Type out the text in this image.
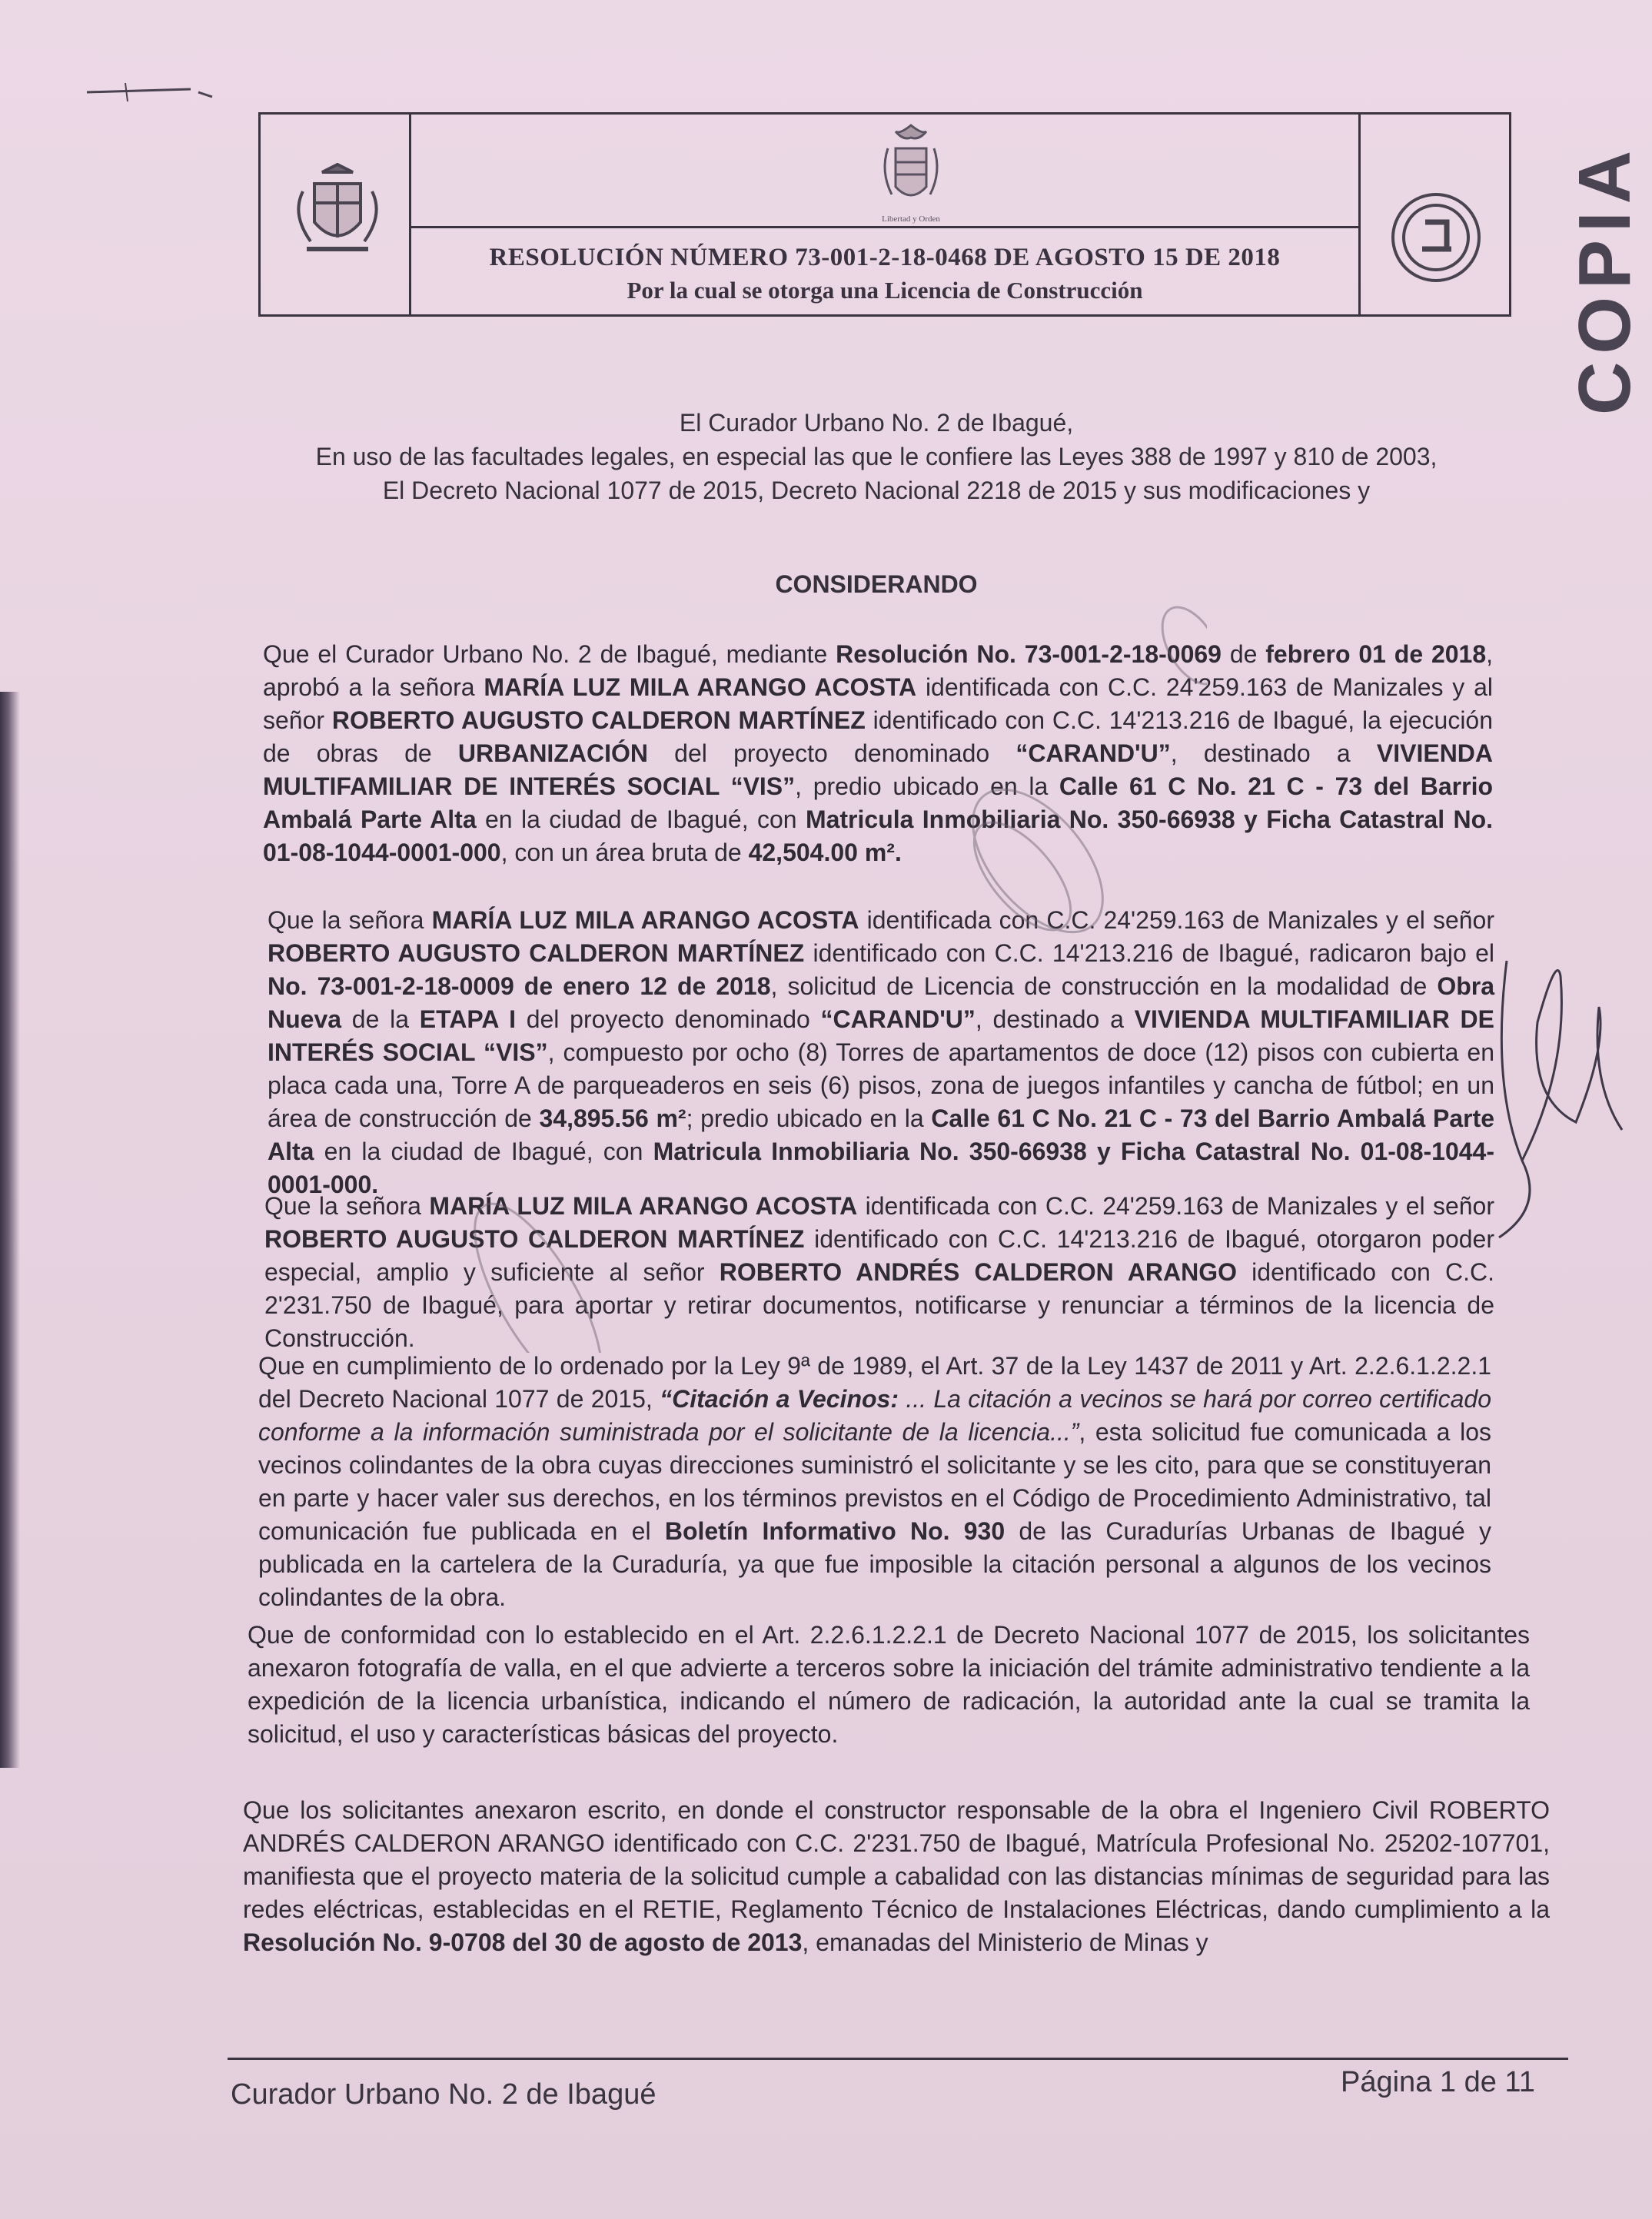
Libertad y Orden
RESOLUCIÓN NÚMERO 73-001-2-18-0468 DE AGOSTO 15 DE 2018
Por la cual se otorga una Licencia de Construcción
El Curador Urbano No. 2 de Ibagué,
En uso de las facultades legales, en especial las que le confiere las Leyes 388 de 1997 y 810 de 2003,
El Decreto Nacional 1077 de 2015, Decreto Nacional 2218 de 2015 y sus modificaciones y
CONSIDERANDO
Que el Curador Urbano No. 2 de Ibagué, mediante Resolución No. 73-001-2-18-0069 de febrero 01 de 2018, aprobó a la señora MARÍA LUZ MILA ARANGO ACOSTA identificada con C.C. 24'259.163 de Manizales y al señor ROBERTO AUGUSTO CALDERON MARTÍNEZ identificado con C.C. 14'213.216 de Ibagué, la ejecución de obras de URBANIZACIÓN del proyecto denominado “CARAND'U”, destinado a VIVIENDA MULTIFAMILIAR DE INTERÉS SOCIAL “VIS”, predio ubicado en la Calle 61 C No. 21 C - 73 del Barrio Ambalá Parte Alta en la ciudad de Ibagué, con Matricula Inmobiliaria No. 350-66938 y Ficha Catastral No. 01-08-1044-0001-000, con un área bruta de 42,504.00 m².
Que la señora MARÍA LUZ MILA ARANGO ACOSTA identificada con C.C. 24'259.163 de Manizales y el señor ROBERTO AUGUSTO CALDERON MARTÍNEZ identificado con C.C. 14'213.216 de Ibagué, radicaron bajo el No. 73-001-2-18-0009 de enero 12 de 2018, solicitud de Licencia de construcción en la modalidad de Obra Nueva de la ETAPA I del proyecto denominado “CARAND'U”, destinado a VIVIENDA MULTIFAMILIAR DE INTERÉS SOCIAL “VIS”, compuesto por ocho (8) Torres de apartamentos de doce (12) pisos con cubierta en placa cada una, Torre A de parqueaderos en seis (6) pisos, zona de juegos infantiles y cancha de fútbol; en un área de construcción de 34,895.56 m²; predio ubicado en la Calle 61 C No. 21 C - 73 del Barrio Ambalá Parte Alta en la ciudad de Ibagué, con Matricula Inmobiliaria No. 350-66938 y Ficha Catastral No. 01-08-1044-0001-000.
Que la señora MARÍA LUZ MILA ARANGO ACOSTA identificada con C.C. 24'259.163 de Manizales y el señor ROBERTO AUGUSTO CALDERON MARTÍNEZ identificado con C.C. 14'213.216 de Ibagué, otorgaron poder especial, amplio y suficiente al señor ROBERTO ANDRÉS CALDERON ARANGO identificado con C.C. 2'231.750 de Ibagué, para aportar y retirar documentos, notificarse y renunciar a términos de la licencia de Construcción.
Que en cumplimiento de lo ordenado por la Ley 9ª de 1989, el Art. 37 de la Ley 1437 de 2011 y Art. 2.2.6.1.2.2.1 del Decreto Nacional 1077 de 2015, “Citación a Vecinos: ... La citación a vecinos se hará por correo certificado conforme a la información suministrada por el solicitante de la licencia...”, esta solicitud fue comunicada a los vecinos colindantes de la obra cuyas direcciones suministró el solicitante y se les cito, para que se constituyeran en parte y hacer valer sus derechos, en los términos previstos en el Código de Procedimiento Administrativo, tal comunicación fue publicada en el Boletín Informativo No. 930 de las Curadurías Urbanas de Ibagué y publicada en la cartelera de la Curaduría, ya que fue imposible la citación personal a algunos de los vecinos colindantes de la obra.
Que de conformidad con lo establecido en el Art. 2.2.6.1.2.2.1 de Decreto Nacional 1077 de 2015, los solicitantes anexaron fotografía de valla, en el que advierte a terceros sobre la iniciación del trámite administrativo tendiente a la expedición de la licencia urbanística, indicando el número de radicación, la autoridad ante la cual se tramita la solicitud, el uso y características básicas del proyecto.
Que los solicitantes anexaron escrito, en donde el constructor responsable de la obra el Ingeniero Civil ROBERTO ANDRÉS CALDERON ARANGO identificado con C.C. 2'231.750 de Ibagué, Matrícula Profesional No. 25202-107701, manifiesta que el proyecto materia de la solicitud cumple a cabalidad con las distancias mínimas de seguridad para las redes eléctricas, establecidas en el RETIE, Reglamento Técnico de Instalaciones Eléctricas, dando cumplimiento a la Resolución No. 9-0708 del 30 de agosto de 2013, emanadas del Ministerio de Minas y
Curador Urbano No. 2 de Ibagué	Página 1 de 11
